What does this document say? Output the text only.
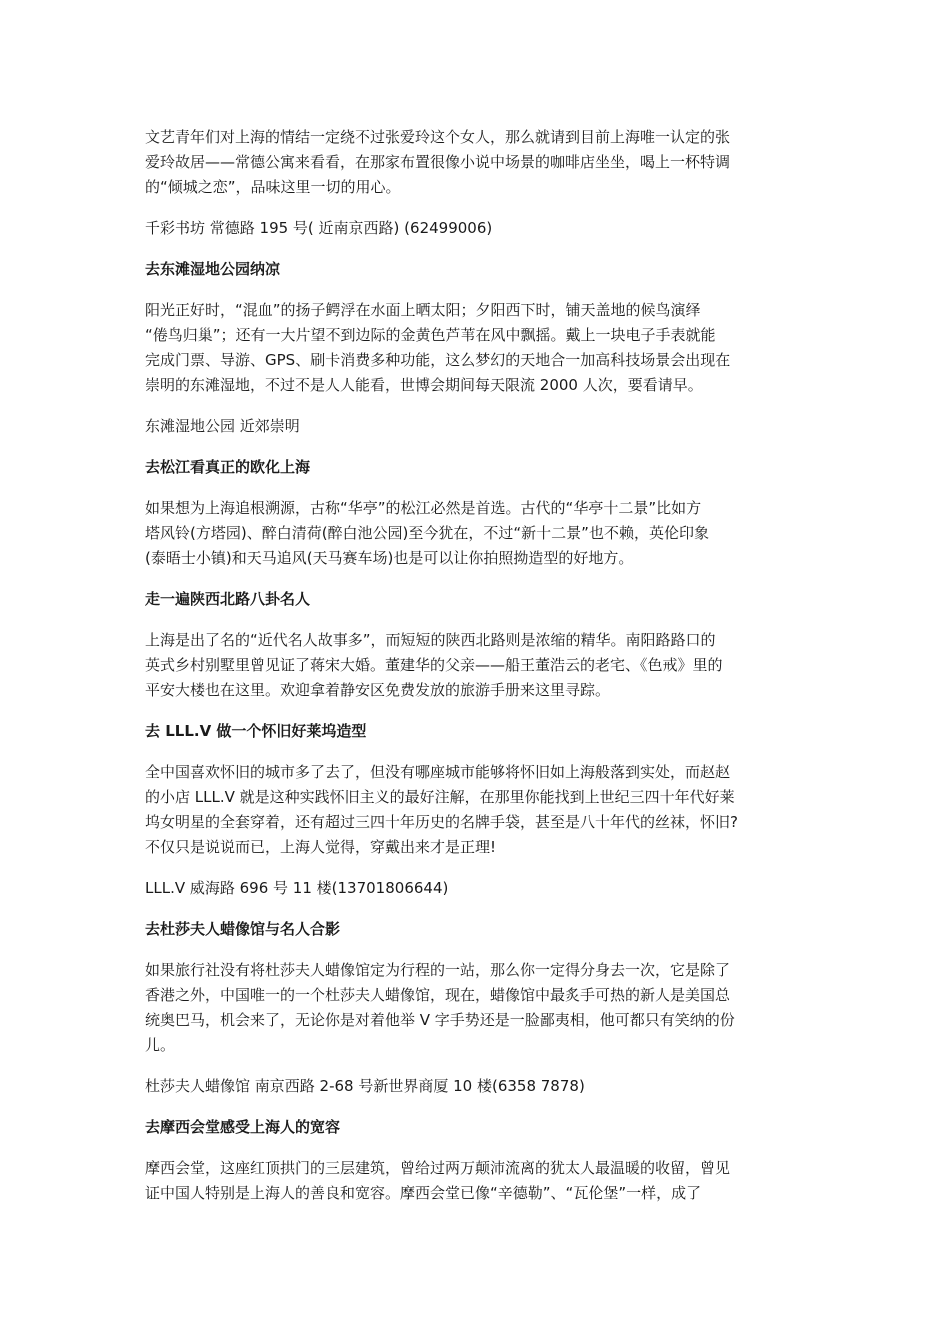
文艺青年们对上海的情结一定绕不过张爱玲这个女人，那么就请到目前上海唯一认定的张
爱玲故居——常德公寓来看看，在那家布置很像小说中场景的咖啡店坐坐，喝上一杯特调
的“倾城之恋”，品味这里一切的用心。
千彩书坊 常德路 195 号( 近南京西路) (62499006)
去东滩湿地公园纳凉
阳光正好时，“混血”的扬子鳄浮在水面上晒太阳；夕阳西下时，铺天盖地的候鸟演绎
“倦鸟归巢”；还有一大片望不到边际的金黄色芦苇在风中飘摇。戴上一块电子手表就能
完成门票、导游、GPS、刷卡消费多种功能，这么梦幻的天地合一加高科技场景会出现在
崇明的东滩湿地，不过不是人人能看，世博会期间每天限流 2000 人次，要看请早。
东滩湿地公园 近郊崇明
去松江看真正的欧化上海
如果想为上海追根溯源，古称“华亭”的松江必然是首选。古代的“华亭十二景”比如方
塔风铃(方塔园)、醉白清荷(醉白池公园)至今犹在，不过“新十二景”也不赖，英伦印象
(泰晤士小镇)和天马追风(天马赛车场)也是可以让你拍照拗造型的好地方。
走一遍陕西北路八卦名人
上海是出了名的“近代名人故事多”，而短短的陕西北路则是浓缩的精华。南阳路路口的
英式乡村别墅里曾见证了蒋宋大婚。董建华的父亲——船王董浩云的老宅、《色戒》里的
平安大楼也在这里。欢迎拿着静安区免费发放的旅游手册来这里寻踪。
去 LLL.V 做一个怀旧好莱坞造型
全中国喜欢怀旧的城市多了去了，但没有哪座城市能够将怀旧如上海般落到实处，而赵赵
的小店 LLL.V 就是这种实践怀旧主义的最好注解，在那里你能找到上世纪三四十年代好莱
坞女明星的全套穿着，还有超过三四十年历史的名牌手袋，甚至是八十年代的丝袜，怀旧?
不仅只是说说而已，上海人觉得，穿戴出来才是正理!
LLL.V 威海路 696 号 11 楼(13701806644)
去杜莎夫人蜡像馆与名人合影
如果旅行社没有将杜莎夫人蜡像馆定为行程的一站，那么你一定得分身去一次，它是除了
香港之外，中国唯一的一个杜莎夫人蜡像馆，现在，蜡像馆中最炙手可热的新人是美国总
统奥巴马，机会来了，无论你是对着他举 V 字手势还是一脸鄙夷相，他可都只有笑纳的份
儿。
杜莎夫人蜡像馆 南京西路 2-68 号新世界商厦 10 楼(6358 7878)
去摩西会堂感受上海人的宽容
摩西会堂，这座红顶拱门的三层建筑，曾给过两万颠沛流离的犹太人最温暖的收留，曾见
证中国人特别是上海人的善良和宽容。摩西会堂已像“辛德勒”、“瓦伦堡”一样，成了
